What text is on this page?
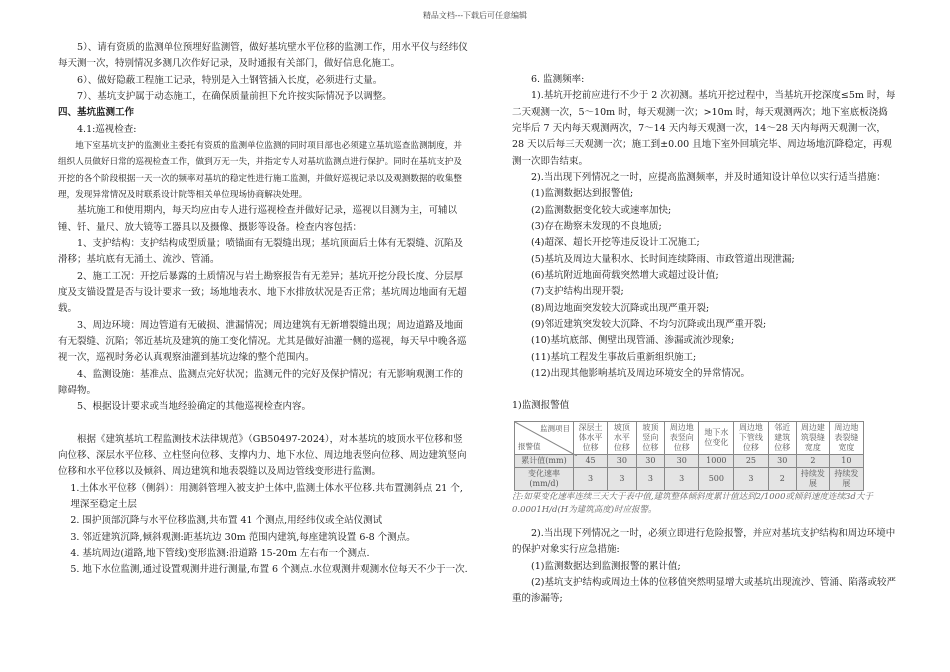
精品文档---下载后可任意编辑

5）、请有资质的监测单位预埋好监测管，做好基坑壁水平位移的监测工作，用水平仪与经纬仪每天测一次，特别情况多测几次作好记录，及时通报有关部门，做好信息化施工。

6）、做好隐蔽工程施工记录，特别是入土钢管插入长度，必须进行丈量。

7）、基坑支护属于动态施工，在确保质量前担下允许按实际情况予以调整。

四、基坑监测工作

4.1:巡视检查:

地下室基坑支护的监测业主委托有资质的监测单位监测的同时项目部也必须建立基坑巡查监测制度，并组织人员做好日常的巡视检查工作，做到万无一失，并指定专人对基坑监测点进行保护。同时在基坑支护及开挖的各个阶段根据一天一次的频率对基坑的稳定性进行施工监测，并做好巡视记录以及观测数据的收集整理，发现异常情况及时联系设计院等相关单位现场协商解决处理。

基坑施工和使用期内，每天均应由专人进行巡视检查并做好记录，巡视以目测为主，可辅以锤、钎、量尺、放大镜等工器具以及摄像、摄影等设备。检查内容包括：

1、支护结构：支护结构成型质量；喷锚面有无裂缝出现；基坑顶面后土体有无裂缝、沉陷及滑移；基坑底有无涌土、流沙、管涌。

2、施工工况：开挖后暴露的土质情况与岩土勘察报告有无差异；基坑开挖分段长度、分层厚度及支锚设置是否与设计要求一致；场地地表水、地下水排放状况是否正常；基坑周边地面有无超载。

3、周边环境：周边管道有无破损、泄漏情况；周边建筑有无新增裂缝出现；周边道路及地面有无裂缝、沉陷；邻近基坑及建筑的施工变化情况。尤其是做好油灌一侧的巡视，每天早中晚各巡视一次，巡视时务必认真观察油灌到基坑边缘的整个范围内。

4、监测设施：基准点、监测点完好状况；监测元件的完好及保护情况；有无影响观测工作的障碍物。

5、根据设计要求或当地经验确定的其他巡视检查内容。

根据《建筑基坑工程监测技术法律规范》（GB50497-2024），对本基坑的坡顶水平位移和竖向位移、深层水平位移、立柱竖向位移、支撑内力、地下水位、周边地表竖向位移、周边建筑竖向位移和水平位移以及倾斜、周边建筑和地表裂缝以及周边管线变形进行监测。

1.土体水平位移（侧斜）：用测斜管埋入被支护土体中,监测土体水平位移.共布置测斜点 21 个,埋深至稳定土层

2. 围护顶部沉降与水平位移监测,共布置 41 个测点,用经纬仪或全站仪测试

3. 邻近建筑沉降,倾斜观测:距基坑边 30m 范围内建筑,每座建筑设置 6-8 个测点。

4. 基坑周边(道路,地下管线)变形监测:沿道路 15-20m 左右布一个测点.

5. 地下水位监测,通过设置观测井进行测量,布置 6 个测点.水位观测井观测水位每天不少于一次.

6. 监测频率:

1).基坑开挖前应进行不少于 2 次初测。基坑开挖过程中，当基坑开挖深度≤5m 时，每二天观测一次，5～10m 时，每天观测一次；>10m 时，每天观测两次；地下室底板浇捣完毕后 7 天内每天观测两次，7～14 天内每天观测一次，14～28 天内每两天观测一次，28 天以后每三天观测一次；施工到±0.00 且地下室外回填完毕、周边场地沉降稳定，再观测一次即告结束。

2).当出现下列情况之一时，应提高监测频率，并及时通知设计单位以实行适当措施：

(1)监测数据达到报警值;

(2)监测数据变化较大或速率加快;

(3)存在勘察未发现的不良地质;

(4)超深、超长开挖等违反设计工况施工;

(5)基坑及周边大量积水、长时间连续降雨、市政管道出现泄漏;

(6)基坑附近地面荷载突然增大或超过设计值;

(7)支护结构出现开裂;

(8)周边地面突发较大沉降或出现严重开裂;

(9)邻近建筑突发较大沉降、不均匀沉降或出现严重开裂;

(10)基坑底部、侧壁出现管涌、渗漏或流沙现象;

(11)基坑工程发生事故后重新组织施工;

(12)出现其他影响基坑及周边环境安全的异常情况。

1)监测报警值

监测项目
报警值	深层土体水平位移	坡顶水平位移	坡顶竖向位移	周边地表竖向位移	地下水位变化	周边地下管线位移	邻近建筑位移	周边建筑裂缝宽度	周边地表裂缝宽度
累计值(mm)	45	30	30	30	1000	25	30	2	10
变化速率(mm/d)	3	3	3	3	500	3	2	持续发展	持续发展

注:如果变化速率连续三天大于表中值,建筑整体倾斜度累计值达到2/1000或倾斜速度连续3d大于0.0001H/d(H为建筑高度)时应报警。

2).当出现下列情况之一时，必须立即进行危险报警，并应对基坑支护结构和周边环境中的保护对象实行应急措施:

(1)监测数据达到监测报警的累计值;

(2)基坑支护结构或周边土体的位移值突然明显增大或基坑出现流沙、管涌、陷落或较严重的渗漏等;
